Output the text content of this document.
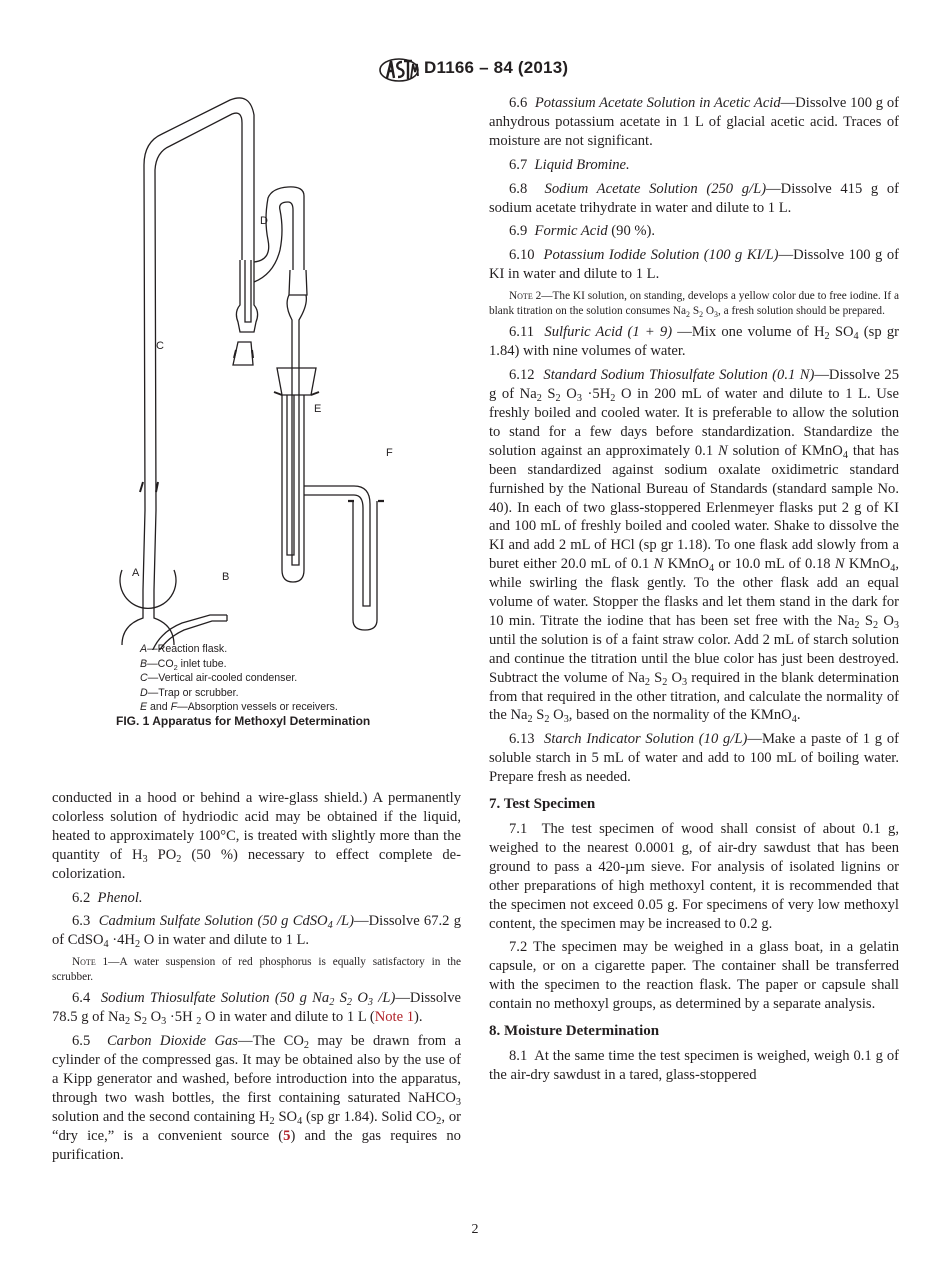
D1166 – 84 (2013)
C
D
E
F
B
A
A—Reaction flask.
$B—CO_2$ inlet tube.
C—Vertical air-cooled condenser.
D—Trap or scrubber.
E and F—Absorption vessels or receivers.
FIG. 1 Apparatus for Methoxyl Determination

conducted in a hood or behind a wire-glass shield.) A permanently colorless solution of hydriodic acid may be obtained if the liquid, heated to approximately 100°C, is treated with slightly more than the quantity of $H_3$ $PO_2$ (50 %) necessary to effect complete de-colorization.

6.2 Phenol.

6.3 Cadmium Sulfate Solution (50 g CdSO$_4$ /L)—Dissolve 67.2 g of CdSO$_4$ $\cdot 4H_2$ O in water and dilute to 1 L.

Note 1—A water suspension of red phosphorus is equally satisfactory in the scrubber.

6.4 Sodium Thiosulfate Solution (50 g $Na_2$ $S_2$ $O_3$ /L)—Dissolve 78.5 g of $Na_2$ $S_2$ $O_3 \cdot 5H$ $_2$ O in water and dilute to 1 L (Note 1).

6.5 Carbon Dioxide Gas—The $CO_2$ may be drawn from a cylinder of the compressed gas. It may be obtained also by the use of a Kipp generator and washed, before introduction into the apparatus, through two wash bottles, the first containing saturated NaHCO$_3$ solution and the second containing $H_2$ $SO_4$ (sp gr 1.84). Solid $CO_2$, or “dry ice,” is a convenient source (5) and the gas requires no purification.

6.6 Potassium Acetate Solution in Acetic Acid—Dissolve 100 g of anhydrous potassium acetate in 1 L of glacial acetic acid. Traces of moisture are not significant.

6.7 Liquid Bromine.

6.8 Sodium Acetate Solution (250 g/L)—Dissolve 415 g of sodium acetate trihydrate in water and dilute to 1 L.

6.9 Formic Acid (90 %).

6.10 Potassium Iodide Solution (100 g KI/L)—Dissolve 100 g of KI in water and dilute to 1 L.

Note 2—The KI solution, on standing, develops a yellow color due to free iodine. If a blank titration on the solution consumes $Na_2$ $S_2$ $O_3$, a fresh solution should be prepared.

6.11 Sulfuric Acid (1 + 9) —Mix one volume of $H_2$ $SO_4$ (sp gr 1.84) with nine volumes of water.

6.12 Standard Sodium Thiosulfate Solution (0.1 N)—Dissolve 25 g of $Na_2$ $S_2$ $O_3 \cdot 5H_2$ O in 200 mL of water and dilute to 1 L. Use freshly boiled and cooled water. It is preferable to allow the solution to stand for a few days before standardization. Standardize the solution against an approximately 0.1 N solution of KMnO$_4$ that has been standardized against sodium oxalate oxidimetric standard furnished by the National Bureau of Standards (standard sample No. 40). In each of two glass-stoppered Erlenmeyer flasks put 2 g of KI and 100 mL of freshly boiled and cooled water. Shake to dissolve the KI and add 2 mL of HCl (sp gr 1.18). To one flask add slowly from a buret either 20.0 mL of 0.1 N KMnO$_4$ or 10.0 mL of 0.18 N KMnO$_4$, while swirling the flask gently. To the other flask add an equal volume of water. Stopper the flasks and let them stand in the dark for 10 min. Titrate the iodine that has been set free with the $Na_2$ $S_2$ $O_3$ until the solution is of a faint straw color. Add 2 mL of starch solution and continue the titration until the blue color has just been destroyed. Subtract the volume of $Na_2$ $S_2$ $O_3$ required in the blank determination from that required in the other titration, and calculate the normality of the $Na_2$ $S_2$ $O_3$, based on the normality of the KMnO$_4$.

6.13 Starch Indicator Solution (10 g/L)—Make a paste of 1 g of soluble starch in 5 mL of water and add to 100 mL of boiling water. Prepare fresh as needed.

7. Test Specimen

7.1 The test specimen of wood shall consist of about 0.1 g, weighed to the nearest 0.0001 g, of air-dry sawdust that has been ground to pass a 420-µm sieve. For analysis of isolated lignins or other preparations of high methoxyl content, it is recommended that the specimen not exceed 0.05 g. For specimens of very low methoxyl content, the specimen may be increased to 0.2 g.

7.2 The specimen may be weighed in a glass boat, in a gelatin capsule, or on a cigarette paper. The container shall be transferred with the specimen to the reaction flask. The paper or capsule shall contain no methoxyl groups, as determined by a separate analysis.

8. Moisture Determination

8.1 At the same time the test specimen is weighed, weigh 0.1 g of the air-dry sawdust in a tared, glass-stoppered

2
